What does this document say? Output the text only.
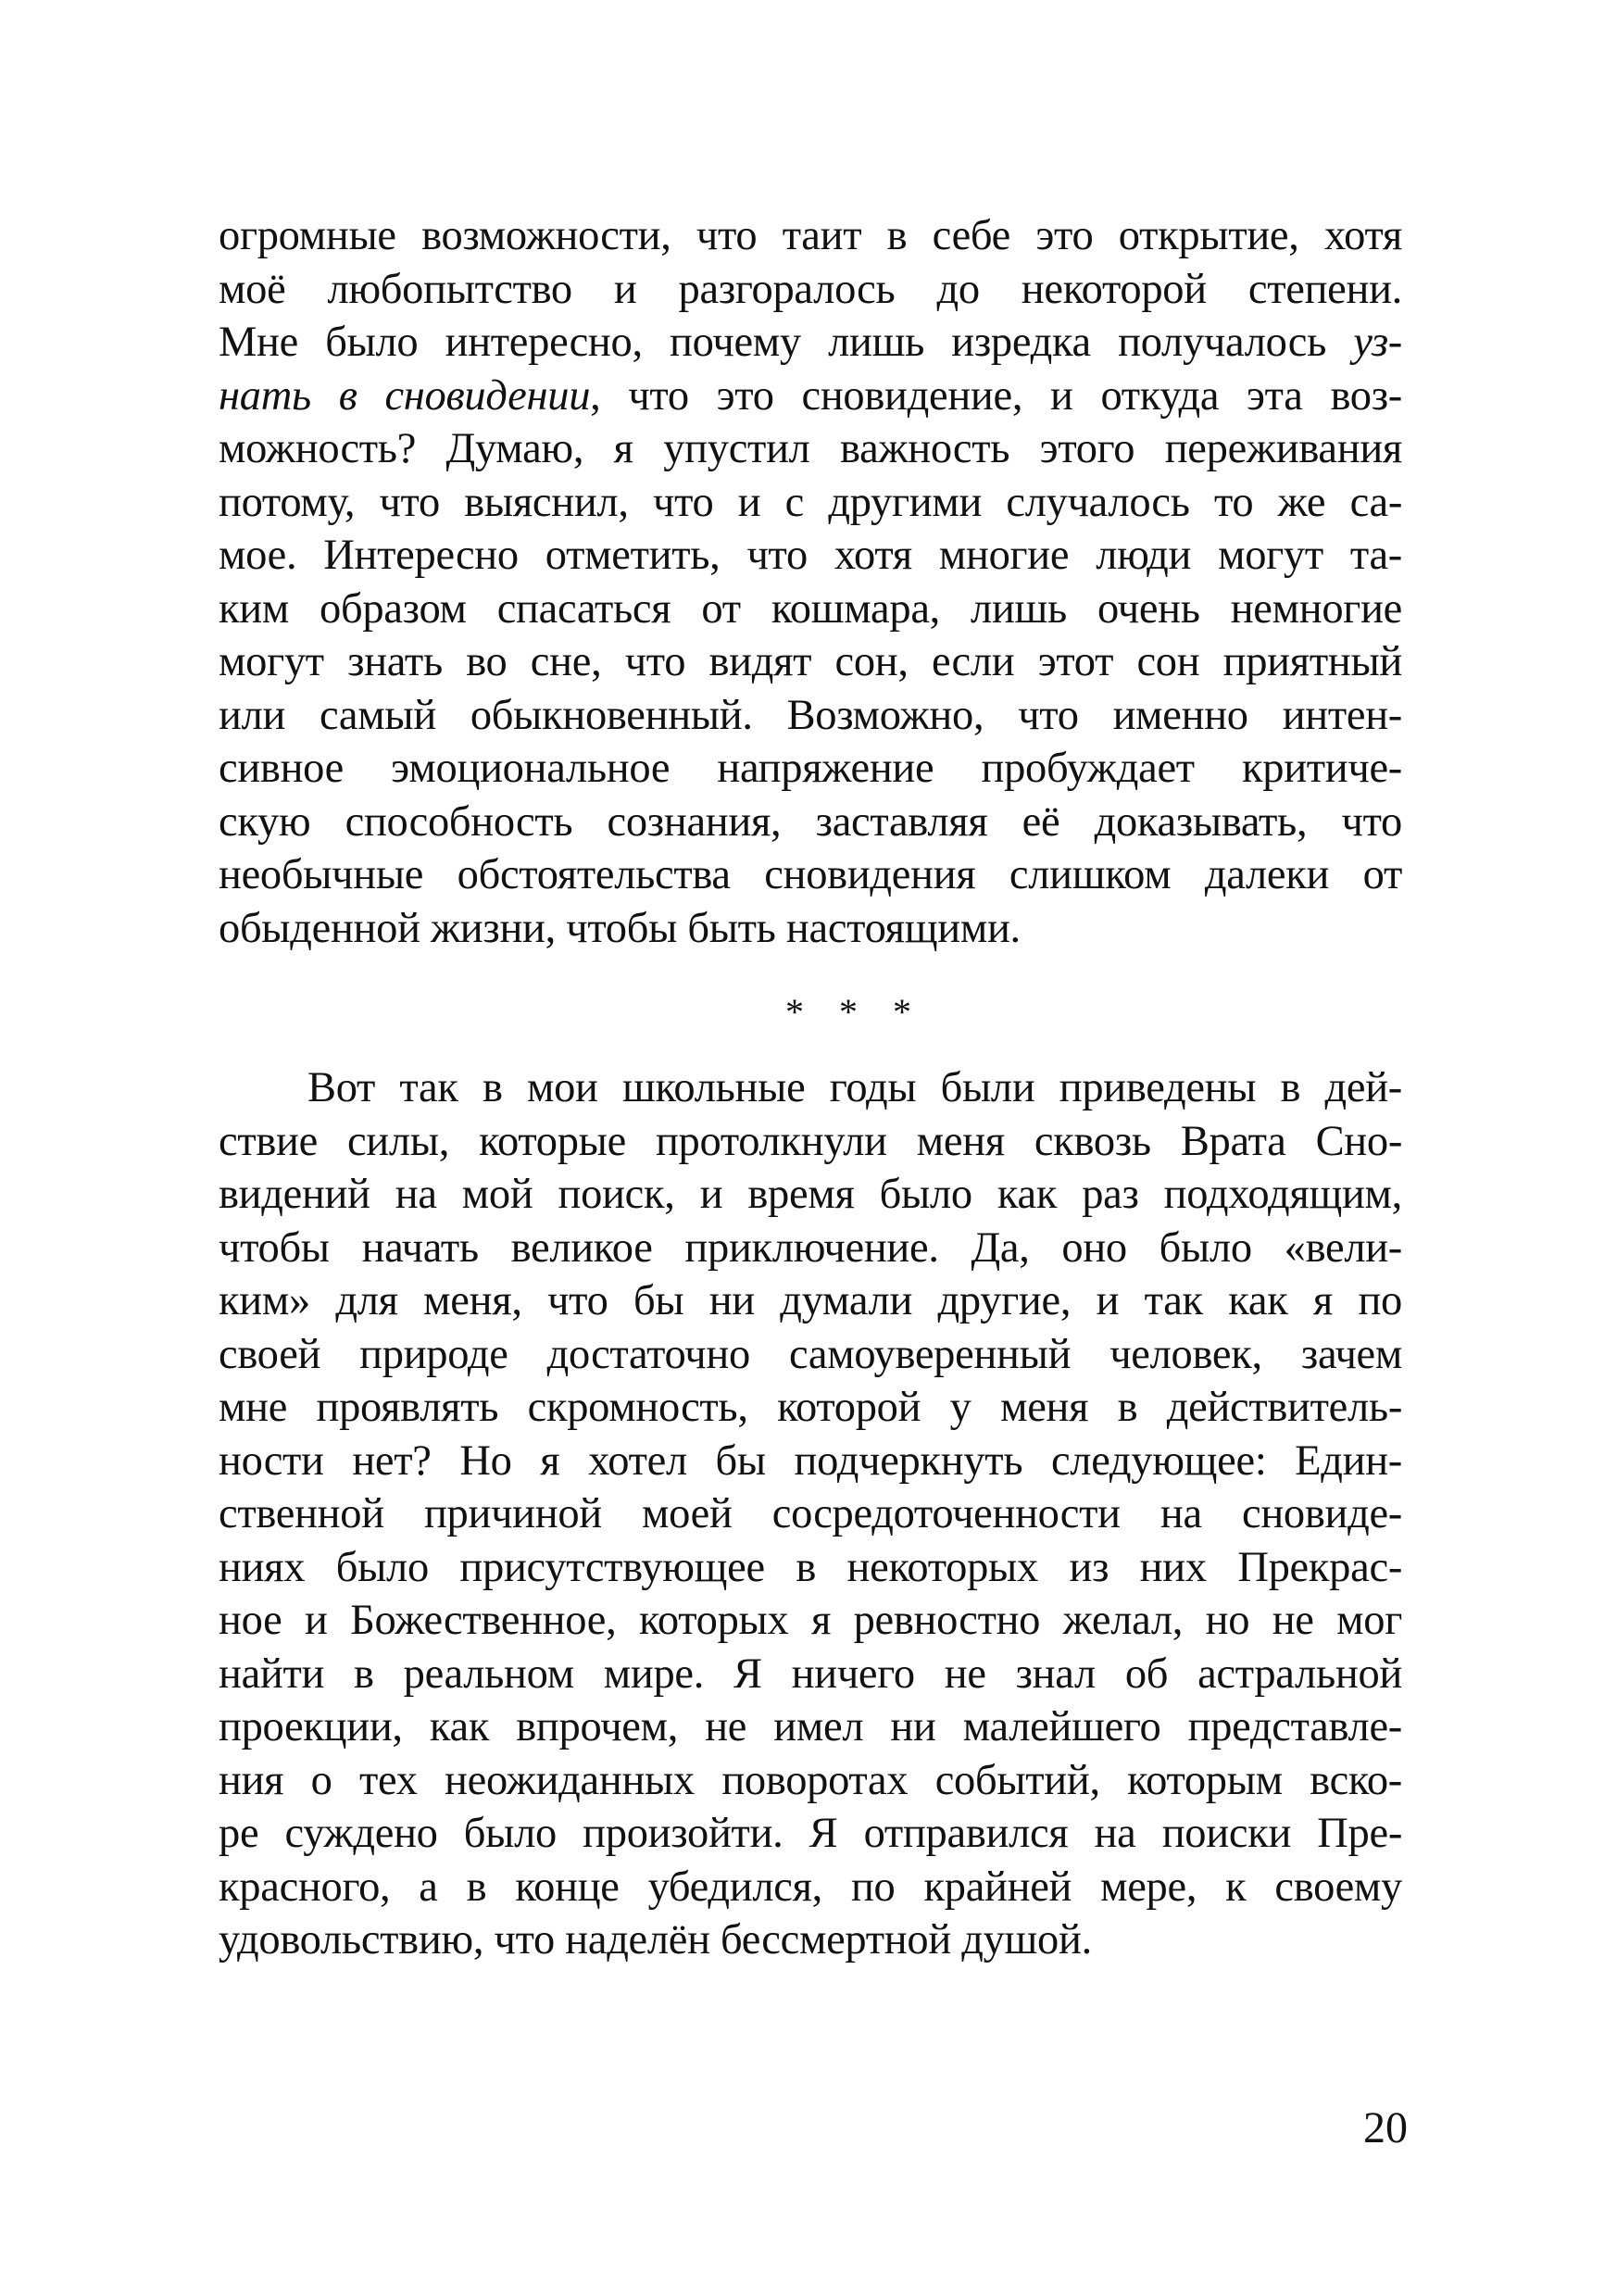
огромные возможности, что таит в себе это открытие, хотя
моё любопытство и разгоралось до некоторой степени.
Мне было интересно, почему лишь изредка получалось уз-
нать в сновидении, что это сновидение, и откуда эта воз-
можность? Думаю, я упустил важность этого переживания
потому, что выяснил, что и с другими случалось то же са-
мое. Интересно отметить, что хотя многие люди могут та-
ким образом спасаться от кошмара, лишь очень немногие
могут знать во сне, что видят сон, если этот сон приятный
или самый обыкновенный. Возможно, что именно интен-
сивное эмоциональное напряжение пробуждает критиче-
скую способность сознания, заставляя её доказывать, что
необычные обстоятельства сновидения слишком далеки от
обыденной жизни, чтобы быть настоящими.
* * *
Вот так в мои школьные годы были приведены в дей-
ствие силы, которые протолкнули меня сквозь Врата Сно-
видений на мой поиск, и время было как раз подходящим,
чтобы начать великое приключение. Да, оно было «вели-
ким» для меня, что бы ни думали другие, и так как я по
своей природе достаточно самоуверенный человек, зачем
мне проявлять скромность, которой у меня в действитель-
ности нет? Но я хотел бы подчеркнуть следующее: Един-
ственной причиной моей сосредоточенности на сновиде-
ниях было присутствующее в некоторых из них Прекрас-
ное и Божественное, которых я ревностно желал, но не мог
найти в реальном мире. Я ничего не знал об астральной
проекции, как впрочем, не имел ни малейшего представле-
ния о тех неожиданных поворотах событий, которым вско-
ре суждено было произойти. Я отправился на поиски Пре-
красного, а в конце убедился, по крайней мере, к своему
удовольствию, что наделён бессмертной душой.
20
